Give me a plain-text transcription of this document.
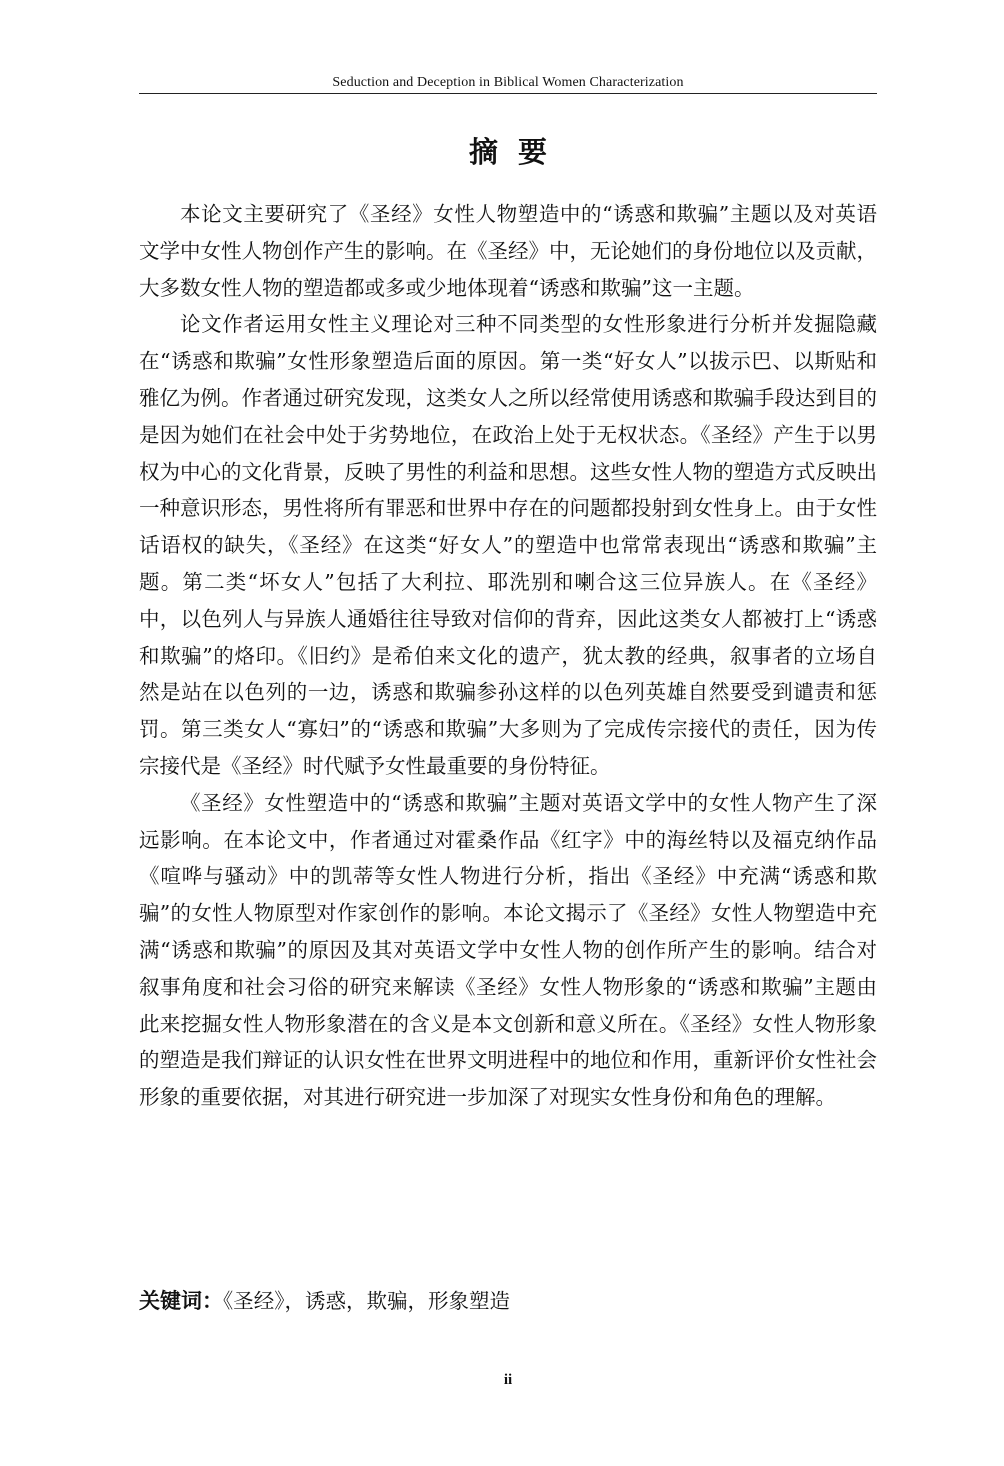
Seduction and Deception in Biblical Women Characterization
摘要

本论文主要研究了《圣经》女性人物塑造中的“诱惑和欺骗”主题以及对英语文学中女性人物创作产生的影响。在《圣经》中，无论她们的身份地位以及贡献，大多数女性人物的塑造都或多或少地体现着“诱惑和欺骗”这一主题。

论文作者运用女性主义理论对三种不同类型的女性形象进行分析并发掘隐藏在“诱惑和欺骗”女性形象塑造后面的原因。第一类“好女人”以拔示巴、以斯贴和雅亿为例。作者通过研究发现，这类女人之所以经常使用诱惑和欺骗手段达到目的是因为她们在社会中处于劣势地位，在政治上处于无权状态。《圣经》产生于以男权为中心的文化背景，反映了男性的利益和思想。这些女性人物的塑造方式反映出一种意识形态，男性将所有罪恶和世界中存在的问题都投射到女性身上。由于女性话语权的缺失，《圣经》在这类“好女人”的塑造中也常常表现出“诱惑和欺骗”主题。第二类“坏女人”包括了大利拉、耶洗别和喇合这三位异族人。在《圣经》中，以色列人与异族人通婚往往导致对信仰的背弃，因此这类女人都被打上“诱惑和欺骗”的烙印。《旧约》是希伯来文化的遗产，犹太教的经典，叙事者的立场自然是站在以色列的一边，诱惑和欺骗参孙这样的以色列英雄自然要受到谴责和惩罚。第三类女人“寡妇”的“诱惑和欺骗”大多则为了完成传宗接代的责任，因为传宗接代是《圣经》时代赋予女性最重要的身份特征。

《圣经》女性塑造中的“诱惑和欺骗”主题对英语文学中的女性人物产生了深远影响。在本论文中，作者通过对霍桑作品《红字》中的海丝特以及福克纳作品《喧哗与骚动》中的凯蒂等女性人物进行分析，指出《圣经》中充满“诱惑和欺骗”的女性人物原型对作家创作的影响。本论文揭示了《圣经》女性人物塑造中充满“诱惑和欺骗”的原因及其对英语文学中女性人物的创作所产生的影响。结合对叙事角度和社会习俗的研究来解读《圣经》女性人物形象的“诱惑和欺骗”主题由此来挖掘女性人物形象潜在的含义是本文创新和意义所在。《圣经》女性人物形象的塑造是我们辩证的认识女性在世界文明进程中的地位和作用，重新评价女性社会形象的重要依据，对其进行研究进一步加深了对现实女性身份和角色的理解。

关键词：《圣经》，诱惑，欺骗，形象塑造
ii
